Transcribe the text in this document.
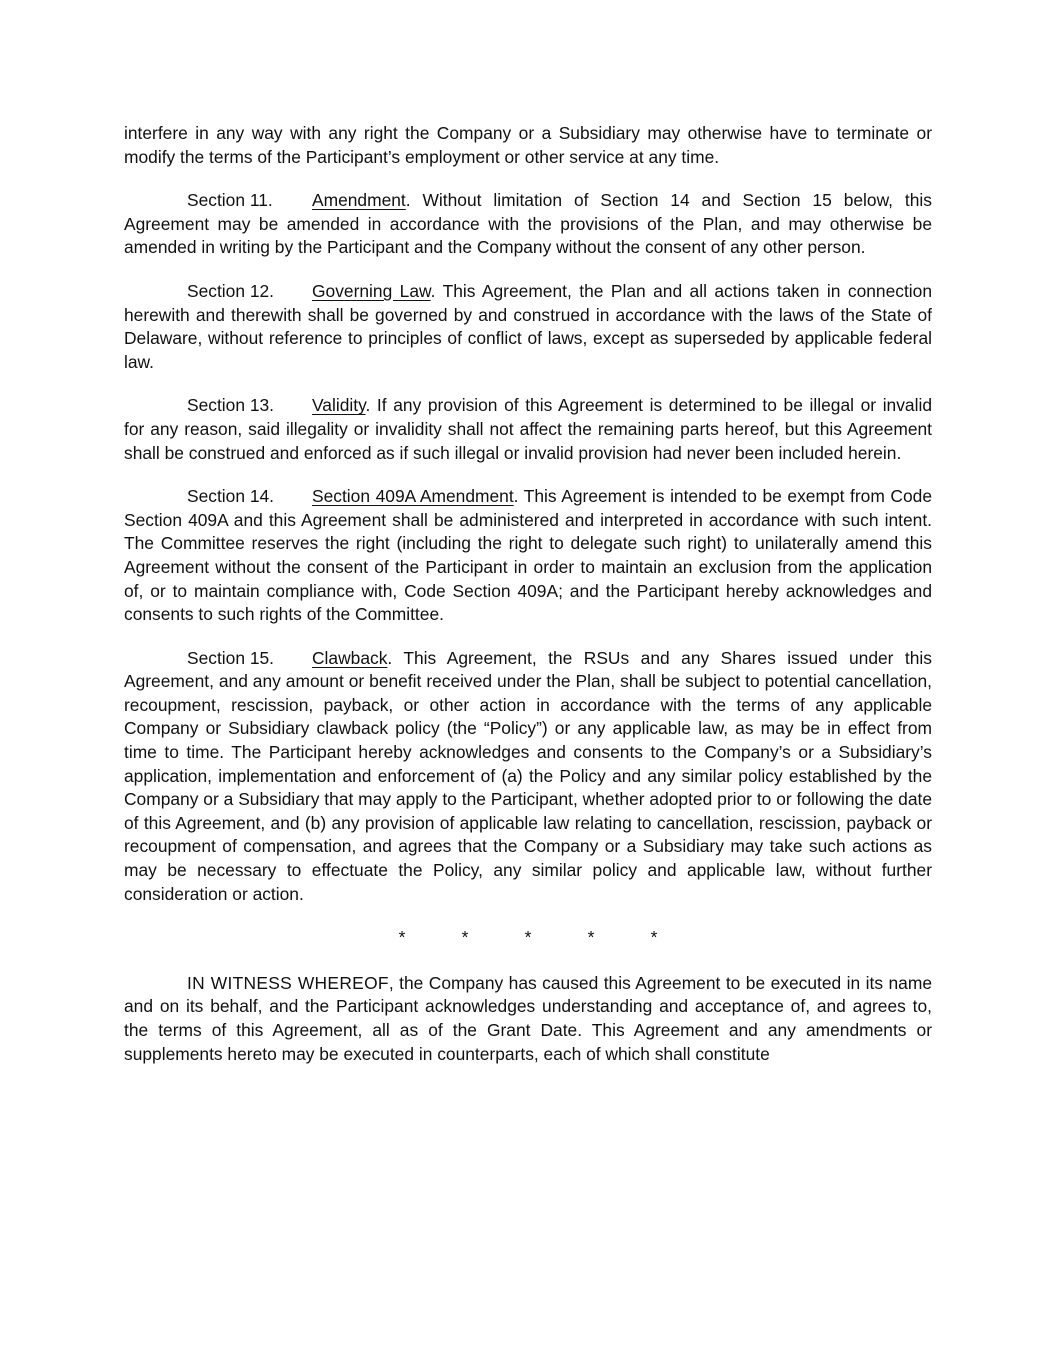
interfere in any way with any right the Company or a Subsidiary may otherwise have to terminate or modify the terms of the Participant’s employment or other service at any time.

Section 11. Amendment. Without limitation of Section 14 and Section 15 below, this Agreement may be amended in accordance with the provisions of the Plan, and may otherwise be amended in writing by the Participant and the Company without the consent of any other person.

Section 12. Governing Law. This Agreement, the Plan and all actions taken in connection herewith and therewith shall be governed by and construed in accordance with the laws of the State of Delaware, without reference to principles of conflict of laws, except as superseded by applicable federal law.

Section 13. Validity. If any provision of this Agreement is determined to be illegal or invalid for any reason, said illegality or invalidity shall not affect the remaining parts hereof, but this Agreement shall be construed and enforced as if such illegal or invalid provision had never been included herein.

Section 14. Section 409A Amendment. This Agreement is intended to be exempt from Code Section 409A and this Agreement shall be administered and interpreted in accordance with such intent. The Committee reserves the right (including the right to delegate such right) to unilaterally amend this Agreement without the consent of the Participant in order to maintain an exclusion from the application of, or to maintain compliance with, Code Section 409A; and the Participant hereby acknowledges and consents to such rights of the Committee.

Section 15. Clawback. This Agreement, the RSUs and any Shares issued under this Agreement, and any amount or benefit received under the Plan, shall be subject to potential cancellation, recoupment, rescission, payback, or other action in accordance with the terms of any applicable Company or Subsidiary clawback policy (the “Policy”) or any applicable law, as may be in effect from time to time. The Participant hereby acknowledges and consents to the Company’s or a Subsidiary’s application, implementation and enforcement of (a) the Policy and any similar policy established by the Company or a Subsidiary that may apply to the Participant, whether adopted prior to or following the date of this Agreement, and (b) any provision of applicable law relating to cancellation, rescission, payback or recoupment of compensation, and agrees that the Company or a Subsidiary may take such actions as may be necessary to effectuate the Policy, any similar policy and applicable law, without further consideration or action.

*	*	*	*	*

IN WITNESS WHEREOF, the Company has caused this Agreement to be executed in its name and on its behalf, and the Participant acknowledges understanding and acceptance of, and agrees to, the terms of this Agreement, all as of the Grant Date. This Agreement and any amendments or supplements hereto may be executed in counterparts, each of which shall constitute
